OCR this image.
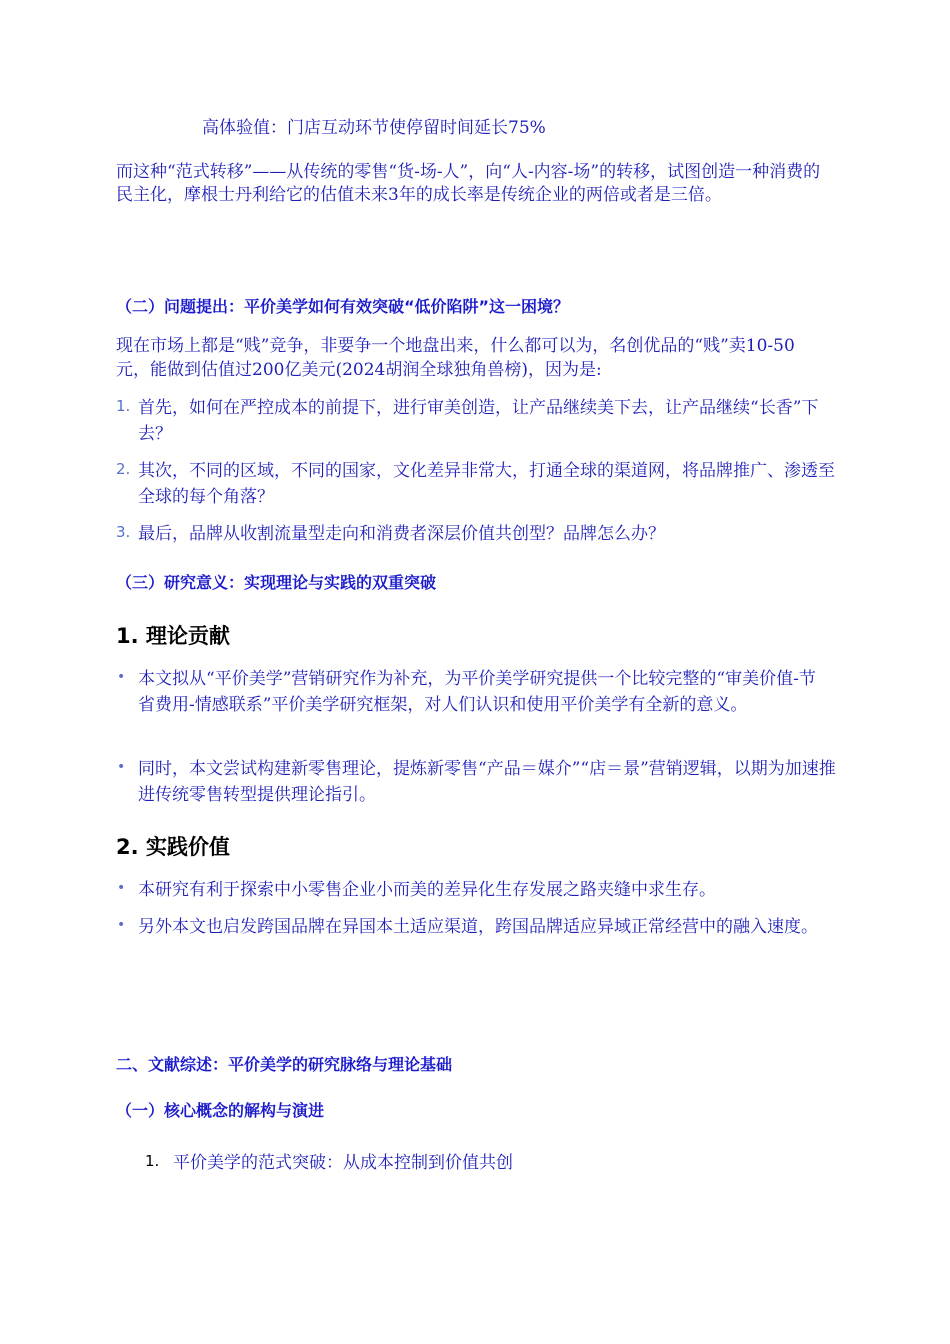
高体验值：门店互动环节使停留时间延长75%

而这种“范式转移”——从传统的零售“货-场-人”，向“人-内容-场”的转移，试图创造一种消费的民主化，摩根士丹利给它的估值未来3年的成长率是传统企业的两倍或者是三倍。

（二）问题提出：平价美学如何有效突破“低价陷阱”这一困境？

现在市场上都是“贱”竞争，非要争一个地盘出来，什么都可以为，名创优品的“贱”卖10-50元，能做到估值过200亿美元(2024胡润全球独角兽榜)，因为是:

1. 首先，如何在严控成本的前提下，进行审美创造，让产品继续美下去，让产品继续“长香”下去？
2. 其次，不同的区域，不同的国家，文化差异非常大，打通全球的渠道网，将品牌推广、渗透至全球的每个角落？
3. 最后，品牌从收割流量型走向和消费者深层价值共创型？品牌怎么办？

（三）研究意义：实现理论与实践的双重突破

1. 理论贡献

• 本文拟从“平价美学”营销研究作为补充，为平价美学研究提供一个比较完整的“审美价值-节省费用-情感联系”平价美学研究框架，对人们认识和使用平价美学有全新的意义。
• 同时，本文尝试构建新零售理论，提炼新零售“产品＝媒介”“店＝景”营销逻辑，以期为加速推进传统零售转型提供理论指引。

2. 实践价值

• 本研究有利于探索中小零售企业小而美的差异化生存发展之路夹缝中求生存。
• 另外本文也启发跨国品牌在异国本土适应渠道，跨国品牌适应异域正常经营中的融入速度。

二、文献综述：平价美学的研究脉络与理论基础

（一）核心概念的解构与演进

1. 平价美学的范式突破：从成本控制到价值共创
